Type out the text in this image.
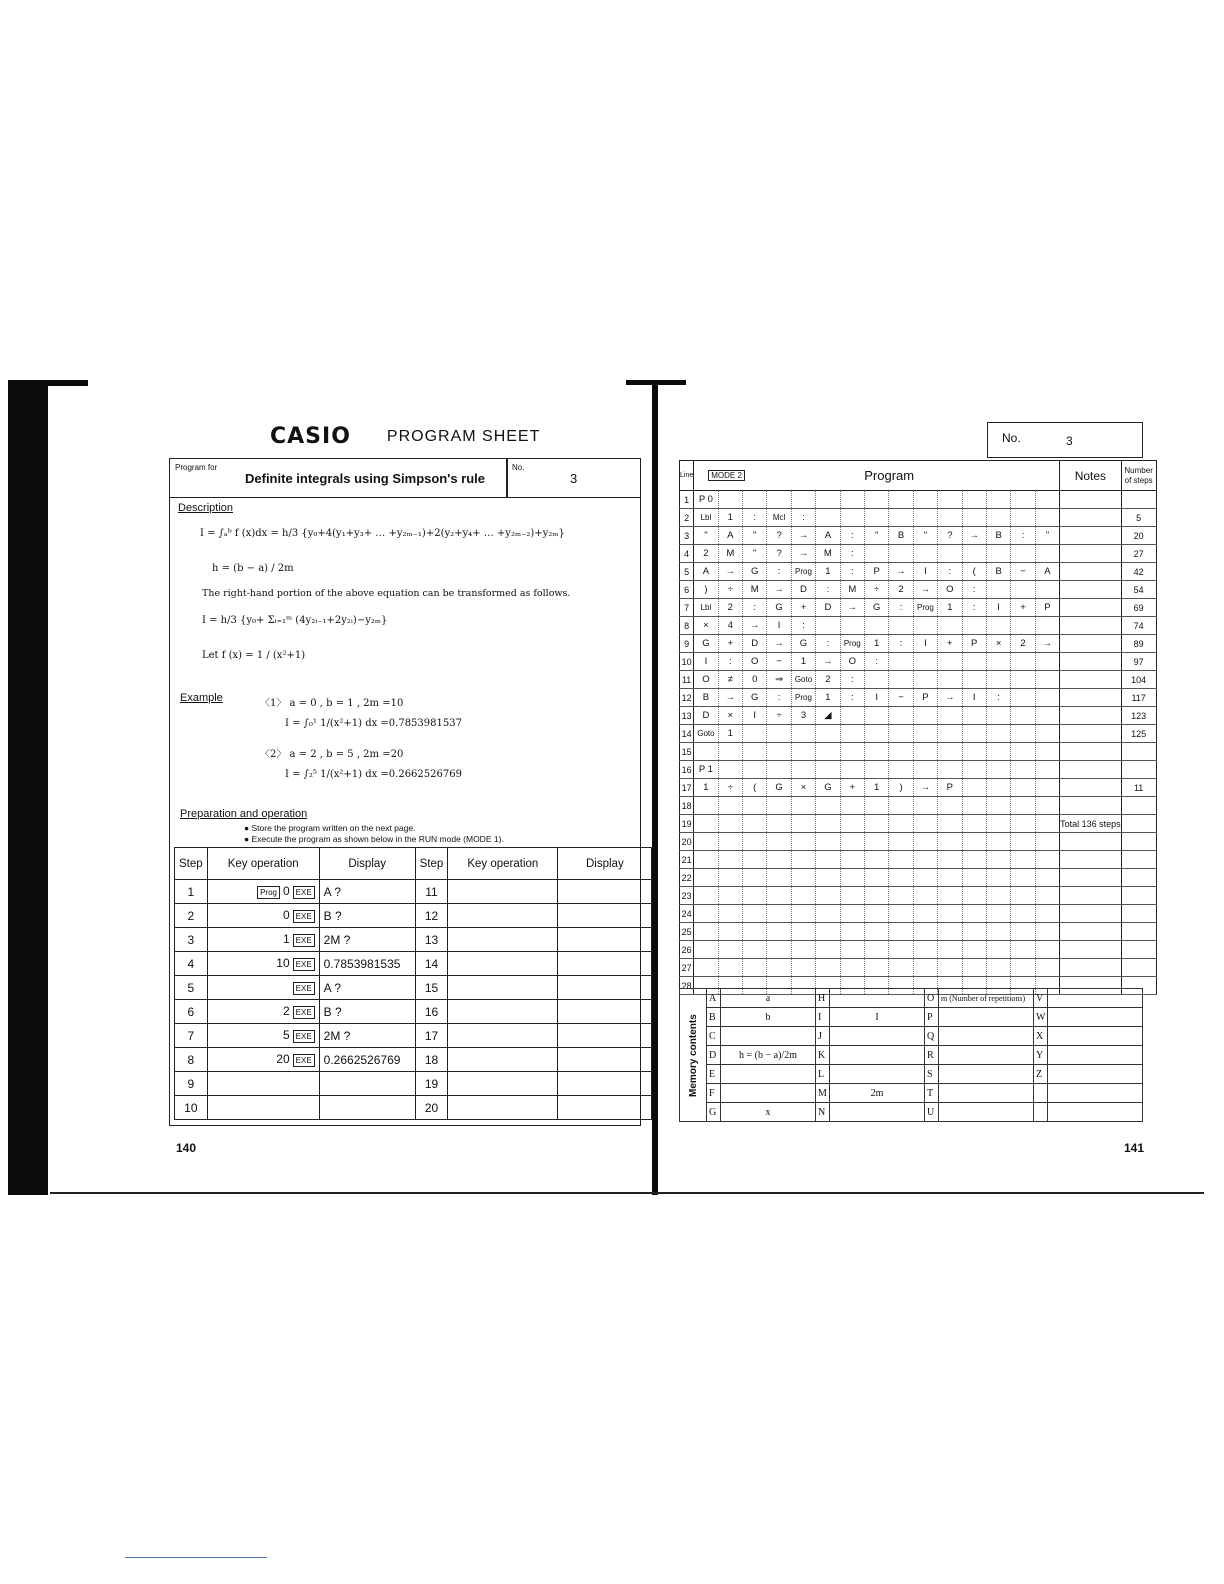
CASIO PROGRAM SHEET
Program for
Definite integrals using Simpson's rule
No.
3
Description
I = ∫ₐᵇ f (x)dx = h/3 {y₀+4(y₁+y₃+ … +y₂ₘ₋₁)+2(y₂+y₄+ … +y₂ₘ₋₂)+y₂ₘ}
h = (b − a) / 2m
The right-hand portion of the above equation can be transformed as follows.
I = h/3 {y₀+ Σᵢ₌₁ᵐ (4y₂ᵢ₋₁+2y₂ᵢ)−y₂ₘ}
Let f (x) = 1 / (x²+1)
Example	〈1〉 a = 0 , b = 1 , 2m =10
I = ∫₀¹ 1/(x²+1) dx =0.7853981537
〈2〉 a = 2 , b = 5 , 2m =20
I = ∫₂⁵ 1/(x²+1) dx =0.2662526769
Preparation and operation
● Store the program written on the next page.
● Execute the program as shown below in the RUN mode (MODE 1).
Step	Key operation	Display	Step	Key operation	Display
1	Prog 0 EXE	A ?	11		
2	0 EXE	B ?	12		
3	1 EXE	2M ?	13		
4	10 EXE	0.7853981535	14		
5	EXE	A ?	15		
6	2 EXE	B ?	16		
7	5 EXE	2M ?	17		
8	20 EXE	0.2662526769	18		
9			19		
10			20		
140
No.	3
Line	MODE 2 Program															Notes	Number of steps
1	P 0																
2	Lbl	1	:	Mcl	:												5
3	"	A	"	?	→	A	:	"	B	"	?	→	B	:	"		20
4	2	M	"	?	→	M	:										27
5	A	→	G	:	Prog	1	:	P	→	I	:	(	B	−	A		42
6	)	÷	M	→	D	:	M	÷	2	→	O	:					54
7	Lbl	2	:	G	+	D	→	G	:	Prog	1	:	I	+	P		69
8	×	4	→	I	:												74
9	G	+	D	→	G	:	Prog	1	:	I	+	P	×	2	→		89
10	I	:	O	−	1	→	O	:									97
11	O	≠	0	⇒	Goto	2	:										104
12	B	→	G	:	Prog	1	:	I	−	P	→	I	:				117
13	D	×	I	÷	3	◢											123
14	Goto	1															125
15																	
16	P 1																
17	1	÷	(	G	×	G	+	1	)	→	P						11
18																	
19																Total 136 steps	
20																	
21																	
22																	
23																	
24																	
25																	
26																	
27																	
28																	
Memory contents	A	a	H		O	m (Number of repetitions)	V	
	B	b	I	I	P		W	
	C		J		Q		X	
	D	h = (b − a)/2m	K		R		Y	
	E		L		S		Z	
	F		M	2m	T			
	G	x	N		U			
141
